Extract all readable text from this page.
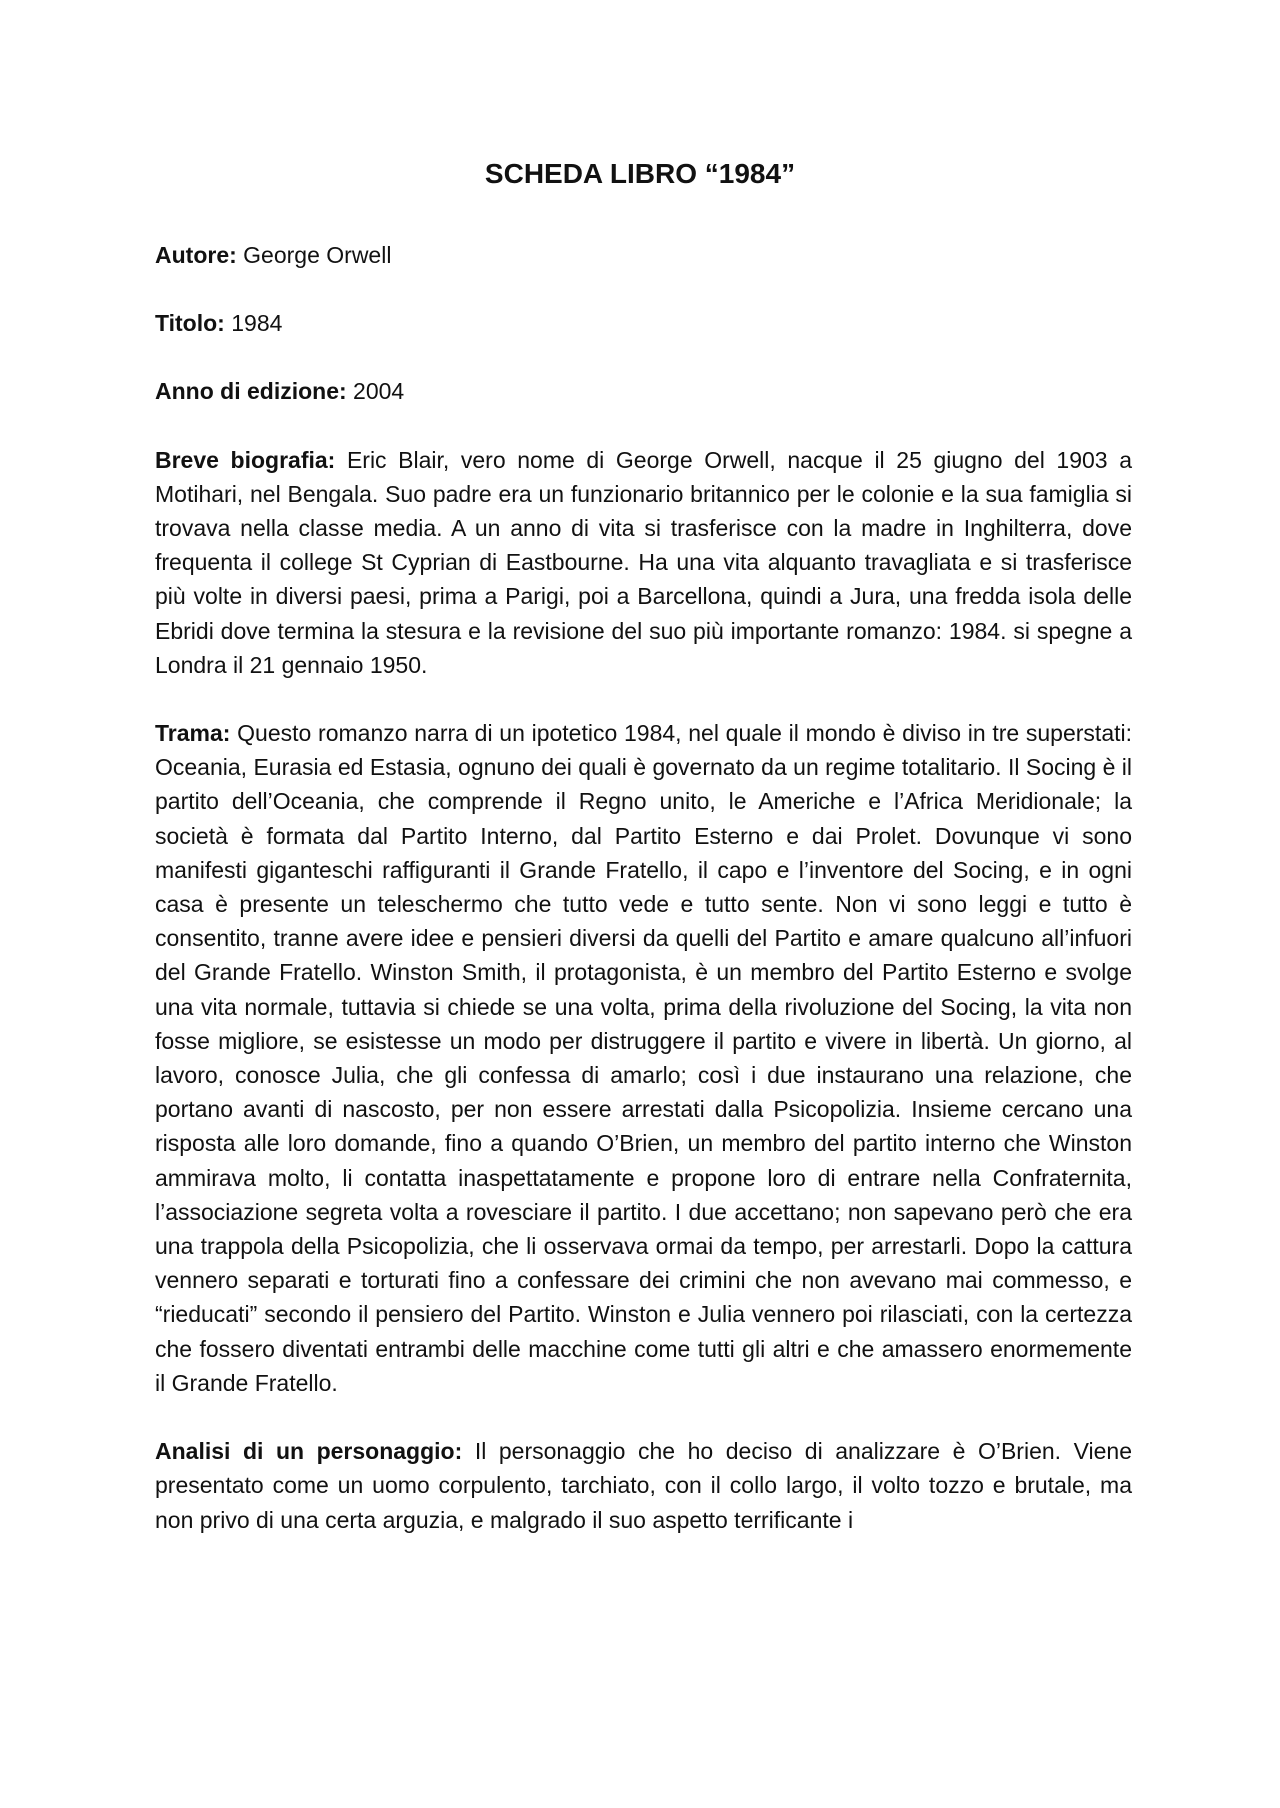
SCHEDA LIBRO “1984”

Autore: George Orwell

Titolo: 1984

Anno di edizione: 2004

Breve biografia: Eric Blair, vero nome di George Orwell, nacque il 25 giugno del 1903 a Motihari, nel Bengala. Suo padre era un funzionario britannico per le colonie e la sua famiglia si trovava nella classe media. A un anno di vita si trasferisce con la madre in Inghilterra, dove frequenta il college St Cyprian di Eastbourne. Ha una vita alquanto travagliata e si trasferisce più volte in diversi paesi, prima a Parigi, poi a Barcellona, quindi a Jura, una fredda isola delle Ebridi dove termina la stesura e la revisione del suo più importante romanzo: 1984. si spegne a Londra il 21 gennaio 1950.

Trama: Questo romanzo narra di un ipotetico 1984, nel quale il mondo è diviso in tre superstati: Oceania, Eurasia ed Estasia, ognuno dei quali è governato da un regime totalitario. Il Socing è il partito dell’Oceania, che comprende il Regno unito, le Americhe e l’Africa Meridionale; la società è formata dal Partito Interno, dal Partito Esterno e dai Prolet. Dovunque vi sono manifesti giganteschi raffiguranti il Grande Fratello, il capo e l’inventore del Socing, e in ogni casa è presente un teleschermo che tutto vede e tutto sente. Non vi sono leggi e tutto è consentito, tranne avere idee e pensieri diversi da quelli del Partito e amare qualcuno all’infuori del Grande Fratello. Winston Smith, il protagonista, è un membro del Partito Esterno e svolge una vita normale, tuttavia si chiede se una volta, prima della rivoluzione del Socing, la vita non fosse migliore, se esistesse un modo per distruggere il partito e vivere in libertà. Un giorno, al lavoro, conosce Julia, che gli confessa di amarlo; così i due instaurano una relazione, che portano avanti di nascosto, per non essere arrestati dalla Psicopolizia. Insieme cercano una risposta alle loro domande, fino a quando O’Brien, un membro del partito interno che Winston ammirava molto, li contatta inaspettatamente e propone loro di entrare nella Confraternita, l’associazione segreta volta a rovesciare il partito. I due accettano; non sapevano però che era una trappola della Psicopolizia, che li osservava ormai da tempo, per arrestarli. Dopo la cattura vennero separati e torturati fino a confessare dei crimini che non avevano mai commesso, e “rieducati” secondo il pensiero del Partito. Winston e Julia vennero poi rilasciati, con la certezza che fossero diventati entrambi delle macchine come tutti gli altri e che amassero enormemente il Grande Fratello.

Analisi di un personaggio: Il personaggio che ho deciso di analizzare è O’Brien. Viene presentato come un uomo corpulento, tarchiato, con il collo largo, il volto tozzo e brutale, ma non privo di una certa arguzia, e malgrado il suo aspetto terrificante i
